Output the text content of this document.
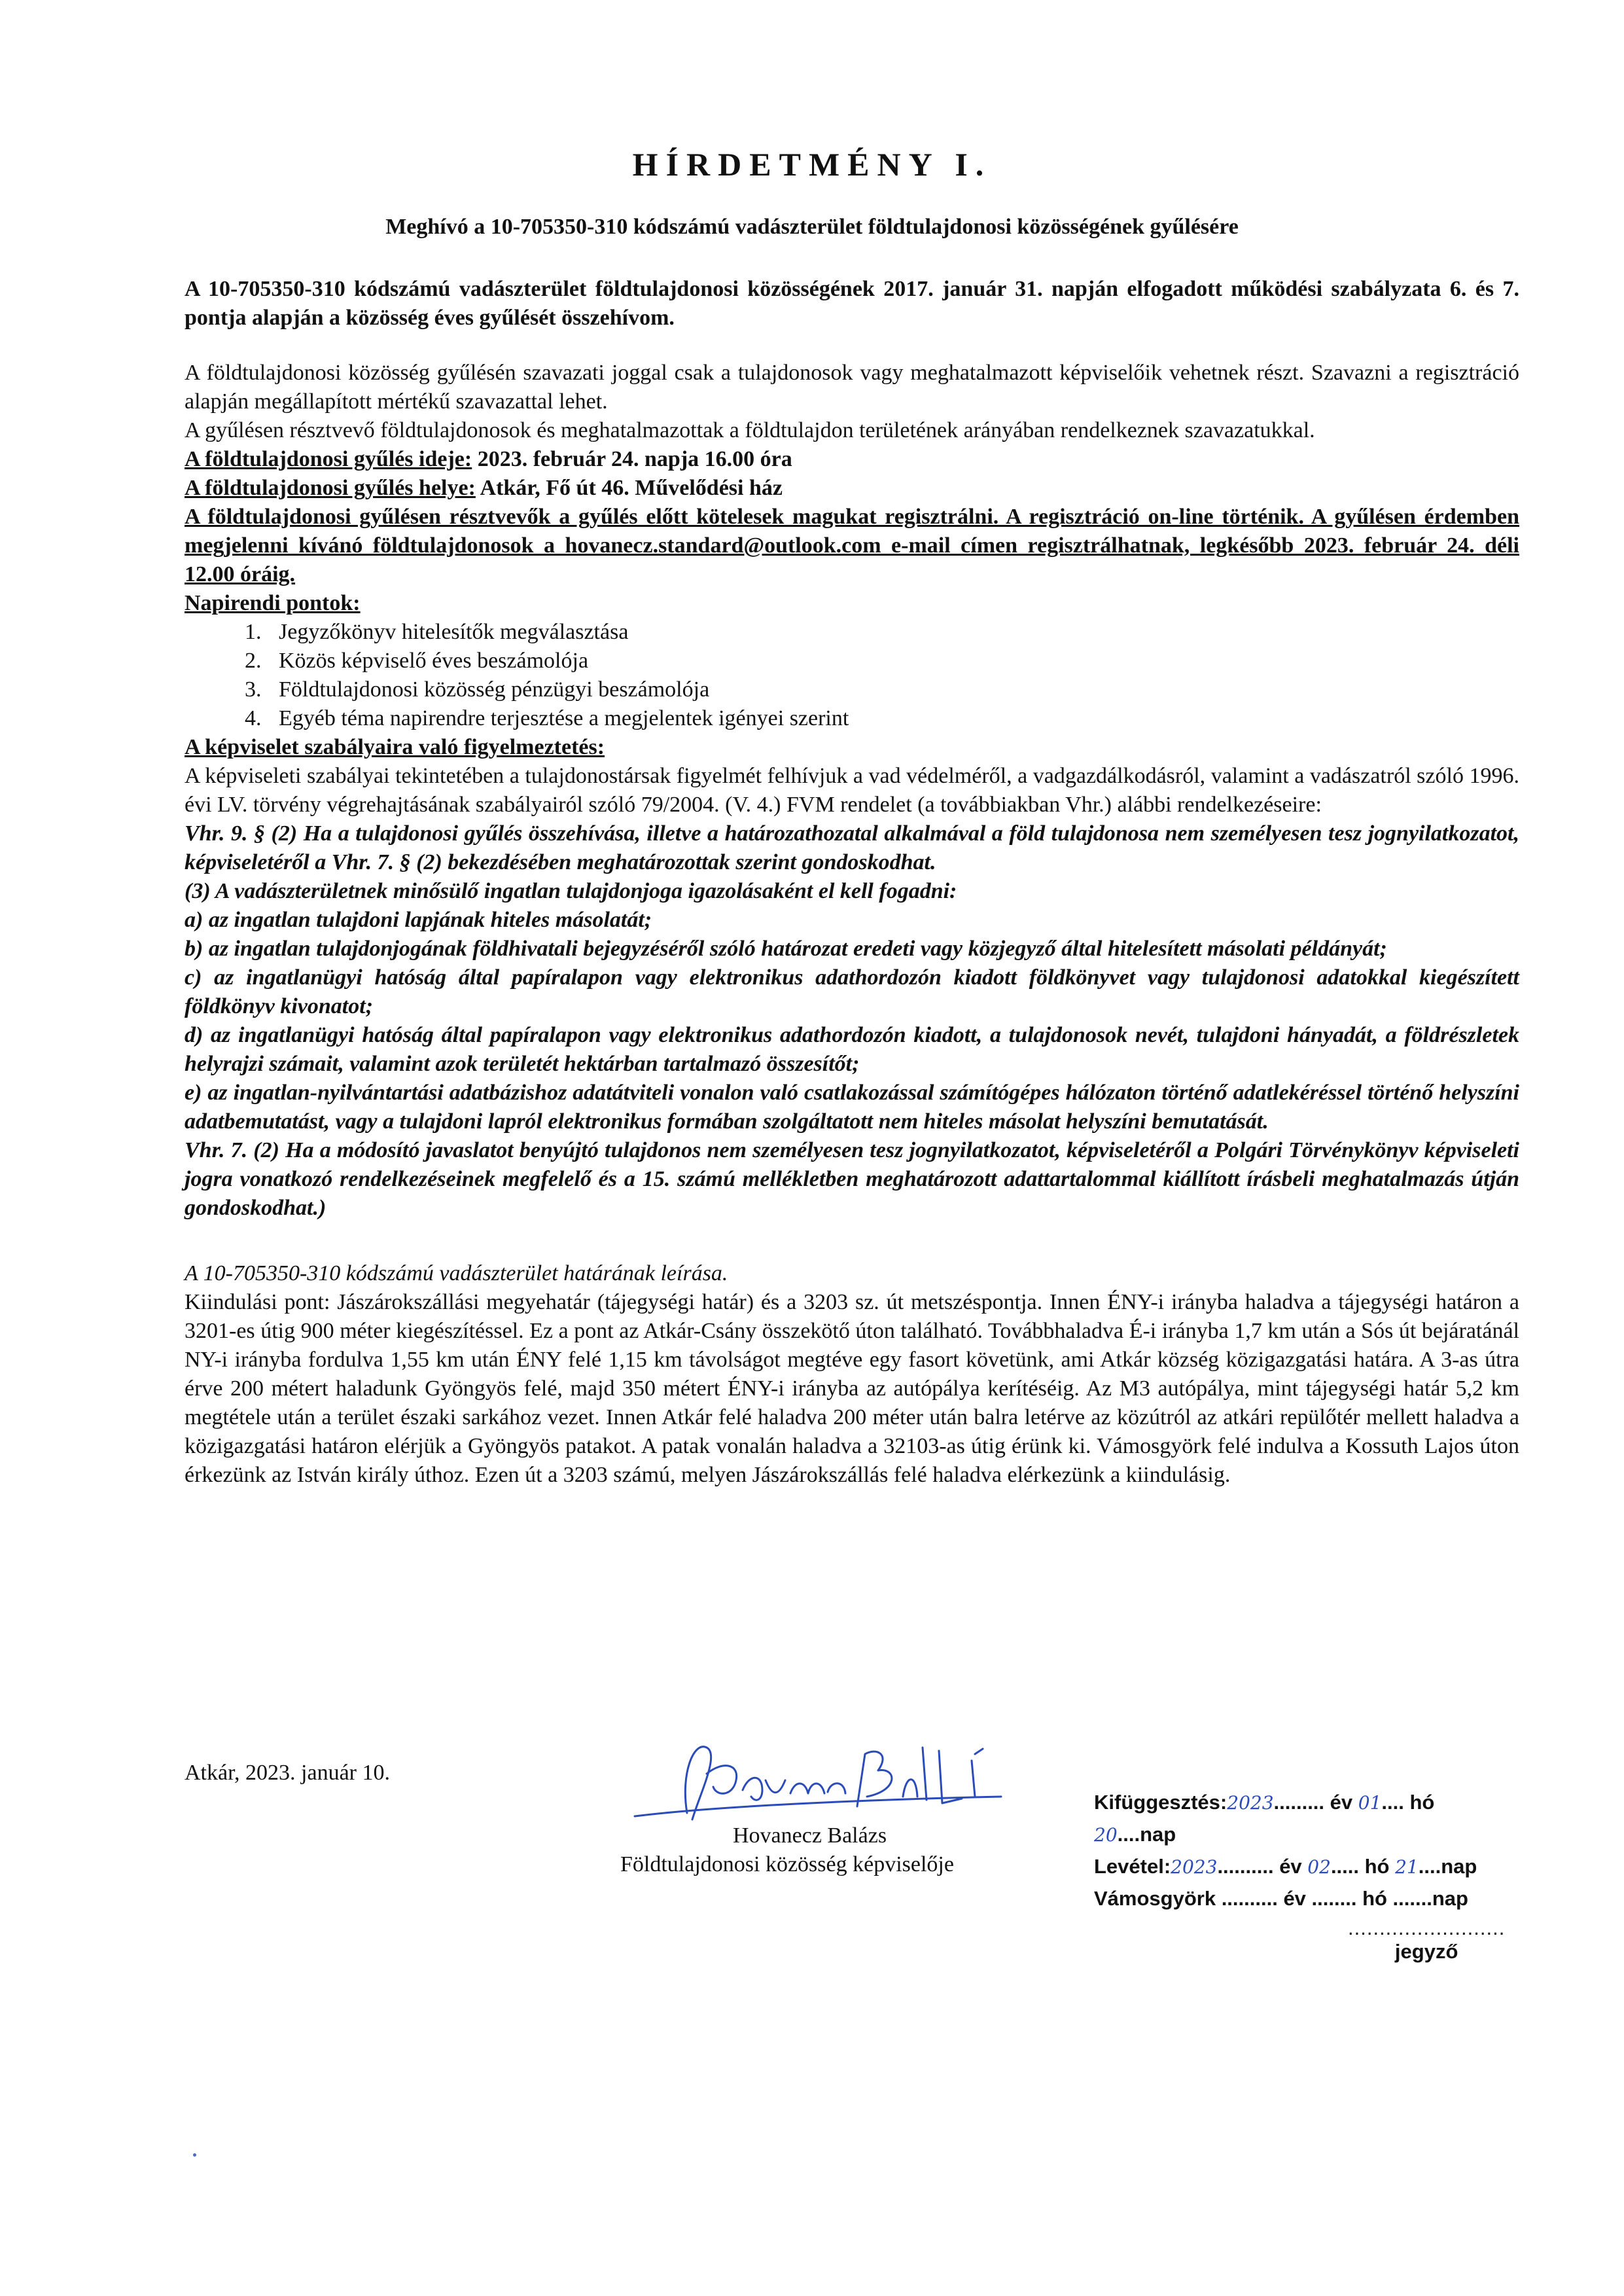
HÍRDETMÉNY I.
Meghívó a 10-705350-310 kódszámú vadászterület földtulajdonosi közösségének gyűlésére

A 10-705350-310 kódszámú vadászterület földtulajdonosi közösségének 2017. január 31. napján elfogadott működési szabályzata 6. és 7. pontja alapján a közösség éves gyűlését összehívom.

A földtulajdonosi közösség gyűlésén szavazati joggal csak a tulajdonosok vagy meghatalmazott képviselőik vehetnek részt. Szavazni a regisztráció alapján megállapított mértékű szavazattal lehet.

A gyűlésen résztvevő földtulajdonosok és meghatalmazottak a földtulajdon területének arányában rendelkeznek szavazatukkal.

A földtulajdonosi gyűlés ideje: 2023. február 24. napja 16.00 óra

A földtulajdonosi gyűlés helye: Atkár, Fő út 46. Művelődési ház

A földtulajdonosi gyűlésen résztvevők a gyűlés előtt kötelesek magukat regisztrálni. A regisztráció on-line történik. A gyűlésen érdemben megjelenni kívánó földtulajdonosok a hovanecz.standard@outlook.com e-mail címen regisztrálhatnak, legkésőbb 2023. február 24. déli 12.00 óráig.

Napirendi pontok:

1. Jegyzőkönyv hitelesítők megválasztása
2. Közös képviselő éves beszámolója
3. Földtulajdonosi közösség pénzügyi beszámolója
4. Egyéb téma napirendre terjesztése a megjelentek igényei szerint

A képviselet szabályaira való figyelmeztetés:

A képviseleti szabályai tekintetében a tulajdonostársak figyelmét felhívjuk a vad védelméről, a vadgazdálkodásról, valamint a vadászatról szóló 1996. évi LV. törvény végrehajtásának szabályairól szóló 79/2004. (V. 4.) FVM rendelet (a továbbiakban Vhr.) alábbi rendelkezéseire:

Vhr. 9. § (2) Ha a tulajdonosi gyűlés összehívása, illetve a határozathozatal alkalmával a föld tulajdonosa nem személyesen tesz jognyilatkozatot, képviseletéről a Vhr. 7. § (2) bekezdésében meghatározottak szerint gondoskodhat.

(3) A vadászterületnek minősülő ingatlan tulajdonjoga igazolásaként el kell fogadni:

a) az ingatlan tulajdoni lapjának hiteles másolatát;

b) az ingatlan tulajdonjogának földhivatali bejegyzéséről szóló határozat eredeti vagy közjegyző által hitelesített másolati példányát;

c) az ingatlanügyi hatóság által papíralapon vagy elektronikus adathordozón kiadott földkönyvet vagy tulajdonosi adatokkal kiegészített földkönyv kivonatot;

d) az ingatlanügyi hatóság által papíralapon vagy elektronikus adathordozón kiadott, a tulajdonosok nevét, tulajdoni hányadát, a földrészletek helyrajzi számait, valamint azok területét hektárban tartalmazó összesítőt;

e) az ingatlan-nyilvántartási adatbázishoz adatátviteli vonalon való csatlakozással számítógépes hálózaton történő adatlekéréssel történő helyszíni adatbemutatást, vagy a tulajdoni lapról elektronikus formában szolgáltatott nem hiteles másolat helyszíni bemutatását.

Vhr. 7. (2) Ha a módosító javaslatot benyújtó tulajdonos nem személyesen tesz jognyilatkozatot, képviseletéről a Polgári Törvénykönyv képviseleti jogra vonatkozó rendelkezéseinek megfelelő és a 15. számú mellékletben meghatározott adattartalommal kiállított írásbeli meghatalmazás útján gondoskodhat.)

A 10-705350-310 kódszámú vadászterület határának leírása.

Kiindulási pont: Jászárokszállási megyehatár (tájegységi határ) és a 3203 sz. út metszéspontja. Innen ÉNY-i irányba haladva a tájegységi határon a 3201-es útig 900 méter kiegészítéssel. Ez a pont az Atkár-Csány összekötő úton található. Továbbhaladva É-i irányba 1,7 km után a Sós út bejáratánál NY-i irányba fordulva 1,55 km után ÉNY felé 1,15 km távolságot megtéve egy fasort követünk, ami Atkár község közigazgatási határa. A 3-as útra érve 200 métert haladunk Gyöngyös felé, majd 350 métert ÉNY-i irányba az autópálya kerítéséig. Az M3 autópálya, mint tájegységi határ 5,2 km megtétele után a terület északi sarkához vezet. Innen Atkár felé haladva 200 méter után balra letérve az közútról az atkári repülőtér mellett haladva a közigazgatási határon elérjük a Gyöngyös patakot. A patak vonalán haladva a 32103-as útig érünk ki. Vámosgyörk felé indulva a Kossuth Lajos úton érkezünk az István király úthoz. Ezen út a 3203 számú, melyen Jászárokszállás felé haladva elérkezünk a kiindulásig.

Atkár, 2023. január 10.
Hovanecz Balázs
Földtulajdonosi közösség képviselője
Kifüggesztés:2023......... év 01.... hó 20....nap
Levétel:2023.......... év 02..... hó 21....nap
Vámosgyörk .......... év ........ hó .......nap
.........................
jegyző
